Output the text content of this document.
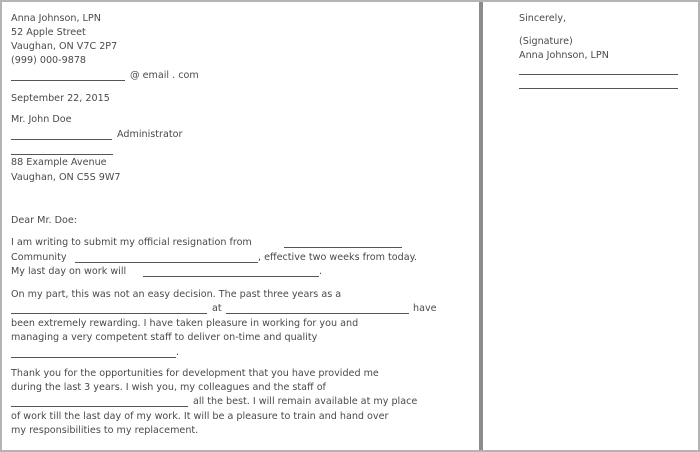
Anna Johnson, LPN
52 Apple Street
Vaughan, ON V7C 2P7
(999) 000-9878
@ email . com
September 22, 2015
Mr. John Doe
Administrator
88 Example Avenue
Vaughan, ON C5S 9W7
Dear Mr. Doe:
I am writing to submit my official resignation from
Community	, effective two weeks from today.
My last day on work will	.
On my part, this was not an easy decision. The past three years as a
at	have
been extremely rewarding. I have taken pleasure in working for you and
managing a very competent staff to deliver on-time and quality
.
Thank you for the opportunities for development that you have provided me
during the last 3 years. I wish you, my colleagues and the staff of
all the best. I will remain available at my place
of work till the last day of my work. It will be a pleasure to train and hand over
my responsibilities to my replacement.
Sincerely,
(Signature)
Anna Johnson, LPN
